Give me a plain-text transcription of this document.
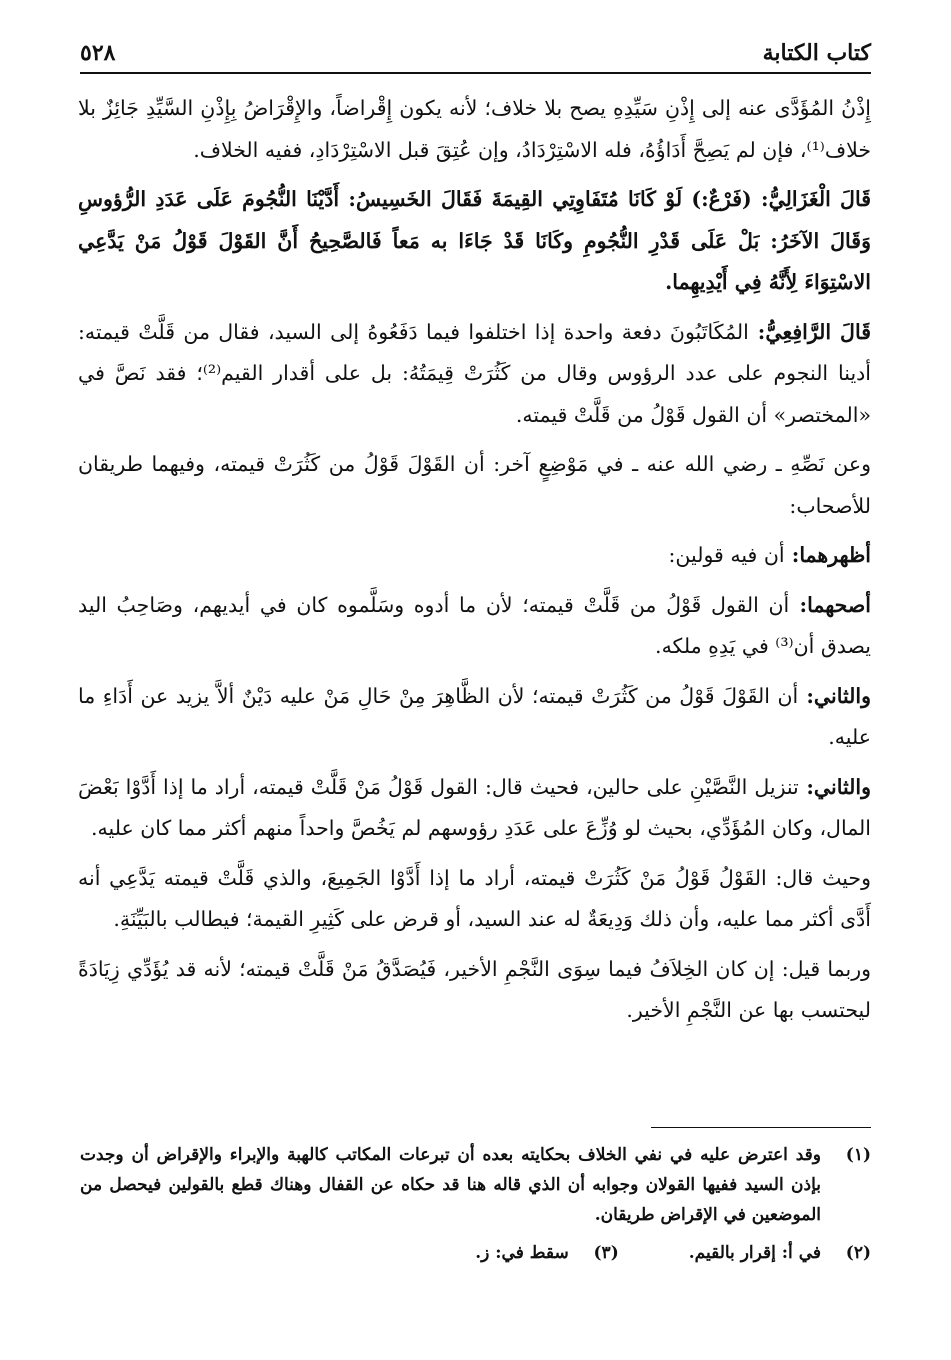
٥٢٨	كتاب الكتابة

إِذْنُ المُؤَدَّى عنه إلى إِذْنِ سَيِّدِهِ يصح بلا خلاف؛ لأنه يكون إِقْراضاً، والإِقْرَاضُ بِإِذْنِ السَّيِّدِ جَائِزٌ بلا خلاف⁽¹⁾، فإن لم يَصِحَّ أَدَاؤُهُ، فله الاسْتِرْدَادُ، وإن عُتِقَ قبل الاسْتِرْدَادِ، ففيه الخلاف.

قَالَ الْغَزَالِيُّ: (فَرْعٌ:) لَوْ كَانَا مُتَفَاوِتِي القِيمَةَ فَقَالَ الخَسِيسُ: أَدَّيْنَا النُّجُومَ عَلَى عَدَدِ الرُّؤوسِ وَقَالَ الآخَرُ: بَلْ عَلَى قَدْرِ النُّجُومِ وكَانَا قَدْ جَاءَا به مَعاً فَالصَّحِيحُ أَنَّ القَوْلَ قَوْلُ مَنْ يَدَّعِي الاسْتِوَاءَ لِأَنَّهُ فِي أَيْدِيهِما.

قَالَ الرَّافِعِيُّ: المُكَاتَبُونَ دفعة واحدة إذا اختلفوا فيما دَفَعُوهُ إلى السيد، فقال من قَلَّتْ قيمته: أدينا النجوم على عدد الرؤوس وقال من كَثُرَتْ قِيمَتُهُ: بل على أقدار القيم⁽²⁾؛ فقد نَصَّ في «المختصر» أن القول قَوْلُ من قَلَّتْ قيمته.

وعن نَصِّهِ ـ رضي الله عنه ـ في مَوْضِعٍ آخر: أن القَوْلَ قَوْلُ من كَثُرَتْ قيمته، وفيهما طريقان للأصحاب:

أظهرهما: أن فيه قولين:

أصحهما: أن القول قَوْلُ من قَلَّتْ قيمته؛ لأن ما أدوه وسَلَّموه كان في أيديهم، وصَاحِبُ اليد يصدق أن⁽³⁾ في يَدِهِ ملكه.

والثاني: أن القَوْلَ قَوْلُ من كَثُرَتْ قيمته؛ لأن الظَّاهِرَ مِنْ حَالِ مَنْ عليه دَيْنٌ ألاَّ يزيد عن أَدَاءِ ما عليه.

والثاني: تنزيل النَّصَّيْنِ على حالين، فحيث قال: القول قَوْلُ مَنْ قَلَّتْ قيمته، أراد ما إذا أَدَّوْا بَعْضَ المال، وكان المُؤَدِّي، بحيث لو وُزِّعَ على عَدَدِ رؤوسهم لم يَخُصَّ واحداً منهم أكثر مما كان عليه.

وحيث قال: القَوْلُ قَوْلُ مَنْ كَثُرَتْ قيمته، أراد ما إذا أَدَّوْا الجَمِيعَ، والذي قَلَّتْ قيمته يَدَّعِي أنه أَدَّى أكثر مما عليه، وأن ذلك وَدِيعَةٌ له عند السيد، أو قرض على كَثِيرِ القيمة؛ فيطالب بالبَيِّنَةِ.

وربما قيل: إن كان الخِلاَفُ فيما سِوَى النَّجْمِ الأخير، فَيُصَدَّقُ مَنْ قَلَّتْ قيمته؛ لأنه قد يُؤَدِّي زِيَادَةً ليحتسب بها عن النَّجْمِ الأخير.

(١)
وقد اعترض عليه في نفي الخلاف بحكايته بعده أن تبرعات المكاتب كالهبة والإبراء والإقراض أن وجدت بإذن السيد ففيها القولان وجوابه أن الذي قاله هنا قد حكاه عن القفال وهناك قطع بالقولين فيحصل من الموضعين في الإقراض طريقان.
(٢)
في أ: إقرار بالقيم.
(٣)
سقط في: ز.
